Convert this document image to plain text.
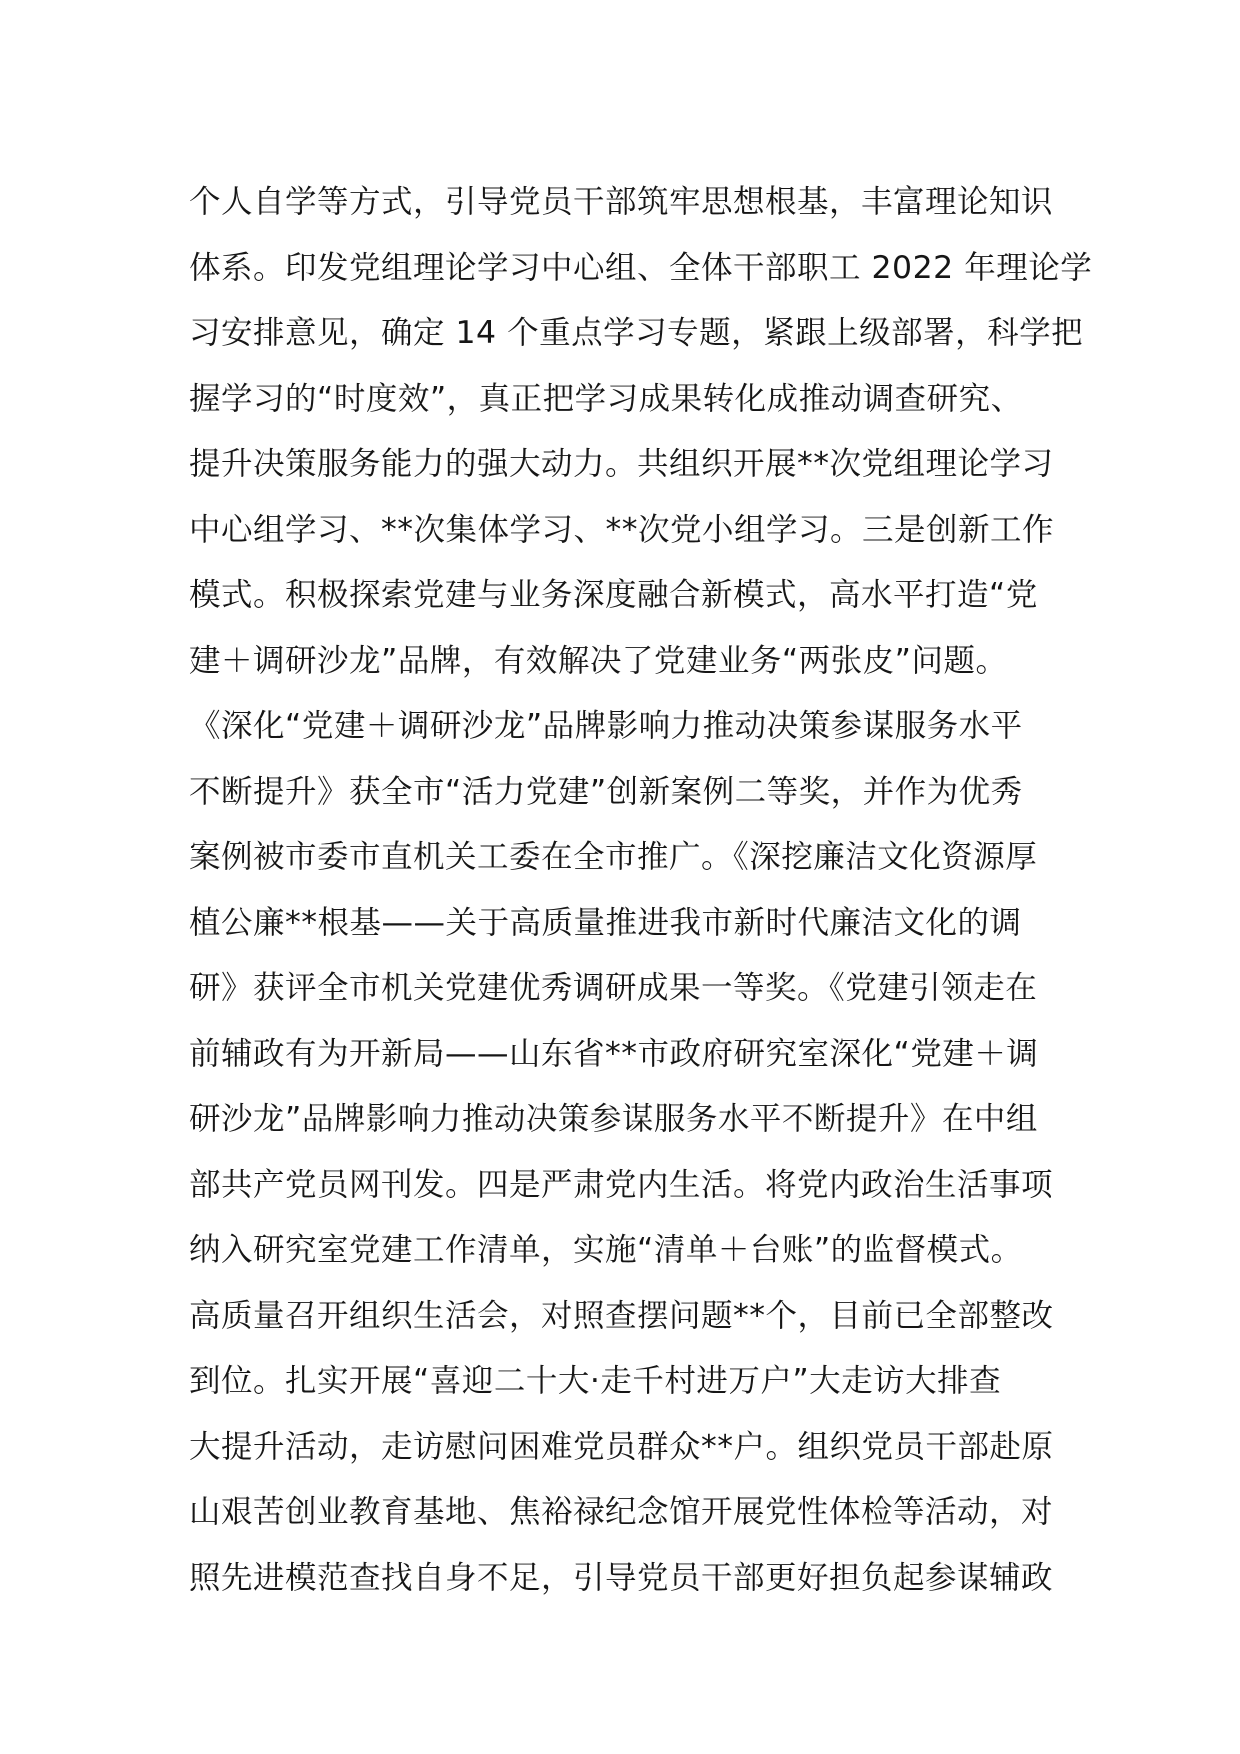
个人自学等方式，引导党员干部筑牢思想根基，丰富理论知识
体系。印发党组理论学习中心组、全体干部职工 2022 年理论学
习安排意见，确定 14 个重点学习专题，紧跟上级部署，科学把
握学习的“时度效”，真正把学习成果转化成推动调查研究、
提升决策服务能力的强大动力。共组织开展**次党组理论学习
中心组学习、**次集体学习、**次党小组学习。三是创新工作
模式。积极探索党建与业务深度融合新模式，高水平打造“党
建＋调研沙龙”品牌，有效解决了党建业务“两张皮”问题。
《深化“党建＋调研沙龙”品牌影响力推动决策参谋服务水平
不断提升》获全市“活力党建”创新案例二等奖，并作为优秀
案例被市委市直机关工委在全市推广。《深挖廉洁文化资源厚
植公廉**根基——关于高质量推进我市新时代廉洁文化的调
研》获评全市机关党建优秀调研成果一等奖。《党建引领走在
前辅政有为开新局——山东省**市政府研究室深化“党建＋调
研沙龙”品牌影响力推动决策参谋服务水平不断提升》在中组
部共产党员网刊发。四是严肃党内生活。将党内政治生活事项
纳入研究室党建工作清单，实施“清单＋台账”的监督模式。
高质量召开组织生活会，对照查摆问题**个，目前已全部整改
到位。扎实开展“喜迎二十大·走千村进万户”大走访大排查
大提升活动，走访慰问困难党员群众**户。组织党员干部赴原
山艰苦创业教育基地、焦裕禄纪念馆开展党性体检等活动，对
照先进模范查找自身不足，引导党员干部更好担负起参谋辅政
